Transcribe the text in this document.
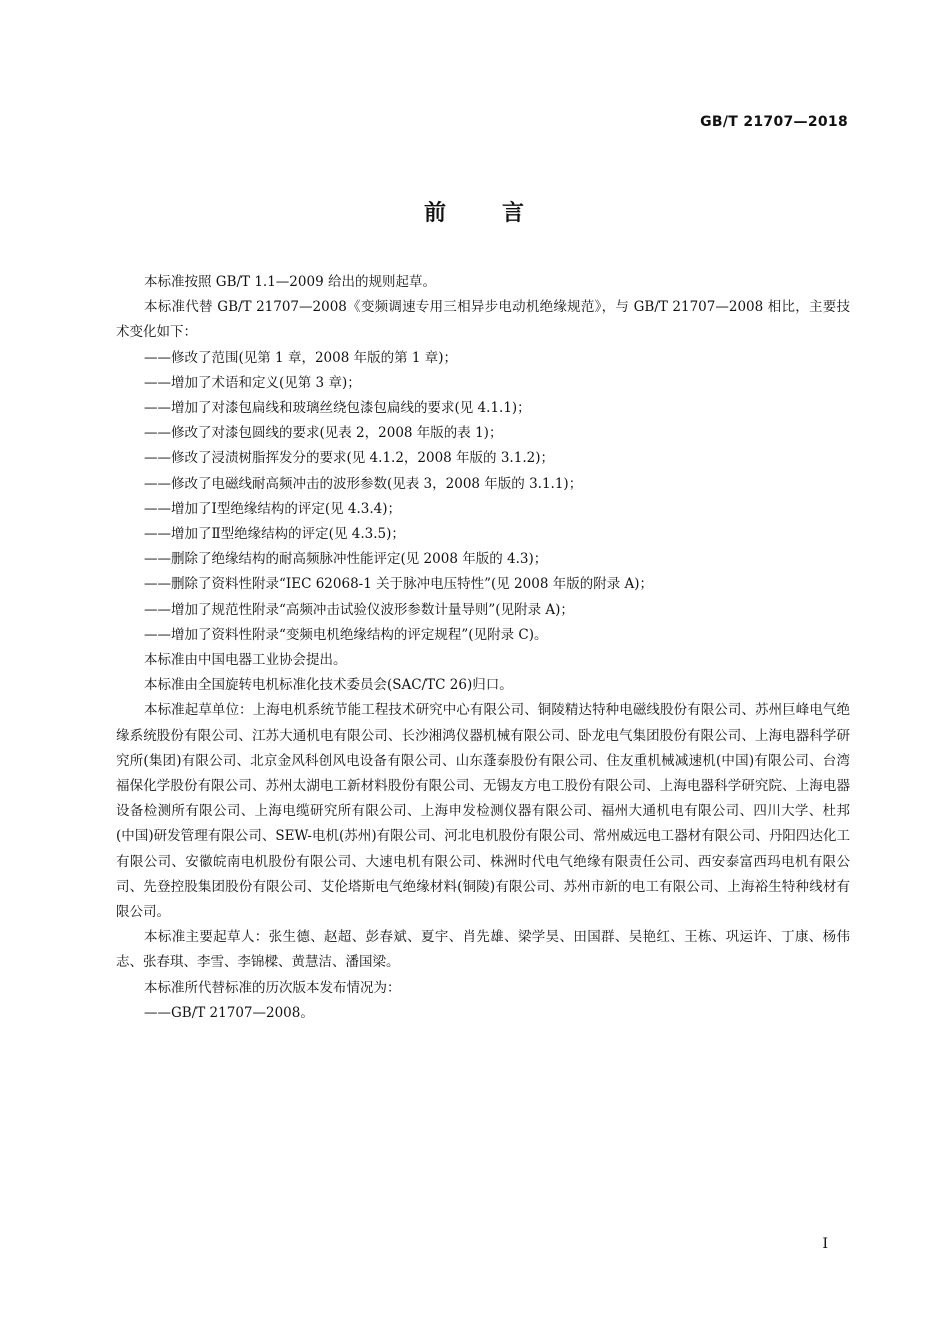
GB/T 21707—2018
前 言

本标准按照 GB/T 1.1—2009 给出的规则起草。

本标准代替 GB/T 21707—2008《变频调速专用三相异步电动机绝缘规范》，与 GB/T 21707—2008 相比，主要技术变化如下：

——修改了范围(见第 1 章，2008 年版的第 1 章)；
——增加了术语和定义(见第 3 章)；
——增加了对漆包扁线和玻璃丝绕包漆包扁线的要求(见 4.1.1)；
——修改了对漆包圆线的要求(见表 2，2008 年版的表 1)；
——修改了浸渍树脂挥发分的要求(见 4.1.2，2008 年版的 3.1.2)；
——修改了电磁线耐高频冲击的波形参数(见表 3，2008 年版的 3.1.1)；
——增加了Ⅰ型绝缘结构的评定(见 4.3.4)；
——增加了Ⅱ型绝缘结构的评定(见 4.3.5)；
——删除了绝缘结构的耐高频脉冲性能评定(见 2008 年版的 4.3)；
——删除了资料性附录“IEC 62068-1 关于脉冲电压特性”(见 2008 年版的附录 A)；
——增加了规范性附录“高频冲击试验仪波形参数计量导则”(见附录 A)；
——增加了资料性附录“变频电机绝缘结构的评定规程”(见附录 C)。

本标准由中国电器工业协会提出。

本标准由全国旋转电机标准化技术委员会(SAC/TC 26)归口。

本标准起草单位：上海电机系统节能工程技术研究中心有限公司、铜陵精达特种电磁线股份有限公司、苏州巨峰电气绝缘系统股份有限公司、江苏大通机电有限公司、长沙湘鸿仪器机械有限公司、卧龙电气集团股份有限公司、上海电器科学研究所(集团)有限公司、北京金风科创风电设备有限公司、山东蓬泰股份有限公司、住友重机械减速机(中国)有限公司、台湾福保化学股份有限公司、苏州太湖电工新材料股份有限公司、无锡友方电工股份有限公司、上海电器科学研究院、上海电器设备检测所有限公司、上海电缆研究所有限公司、上海申发检测仪器有限公司、福州大通机电有限公司、四川大学、杜邦(中国)研发管理有限公司、SEW-电机(苏州)有限公司、河北电机股份有限公司、常州威远电工器材有限公司、丹阳四达化工有限公司、安徽皖南电机股份有限公司、大速电机有限公司、株洲时代电气绝缘有限责任公司、西安泰富西玛电机有限公司、先登控股集团股份有限公司、艾伦塔斯电气绝缘材料(铜陵)有限公司、苏州市新的电工有限公司、上海裕生特种线材有限公司。

本标准主要起草人：张生德、赵超、彭春斌、夏宇、肖先雄、梁学昊、田国群、吴艳红、王栋、巩运许、丁康、杨伟志、张春琪、李雪、李锦樑、黄慧洁、潘国梁。

本标准所代替标准的历次版本发布情况为：

——GB/T 21707—2008。
Ⅰ
